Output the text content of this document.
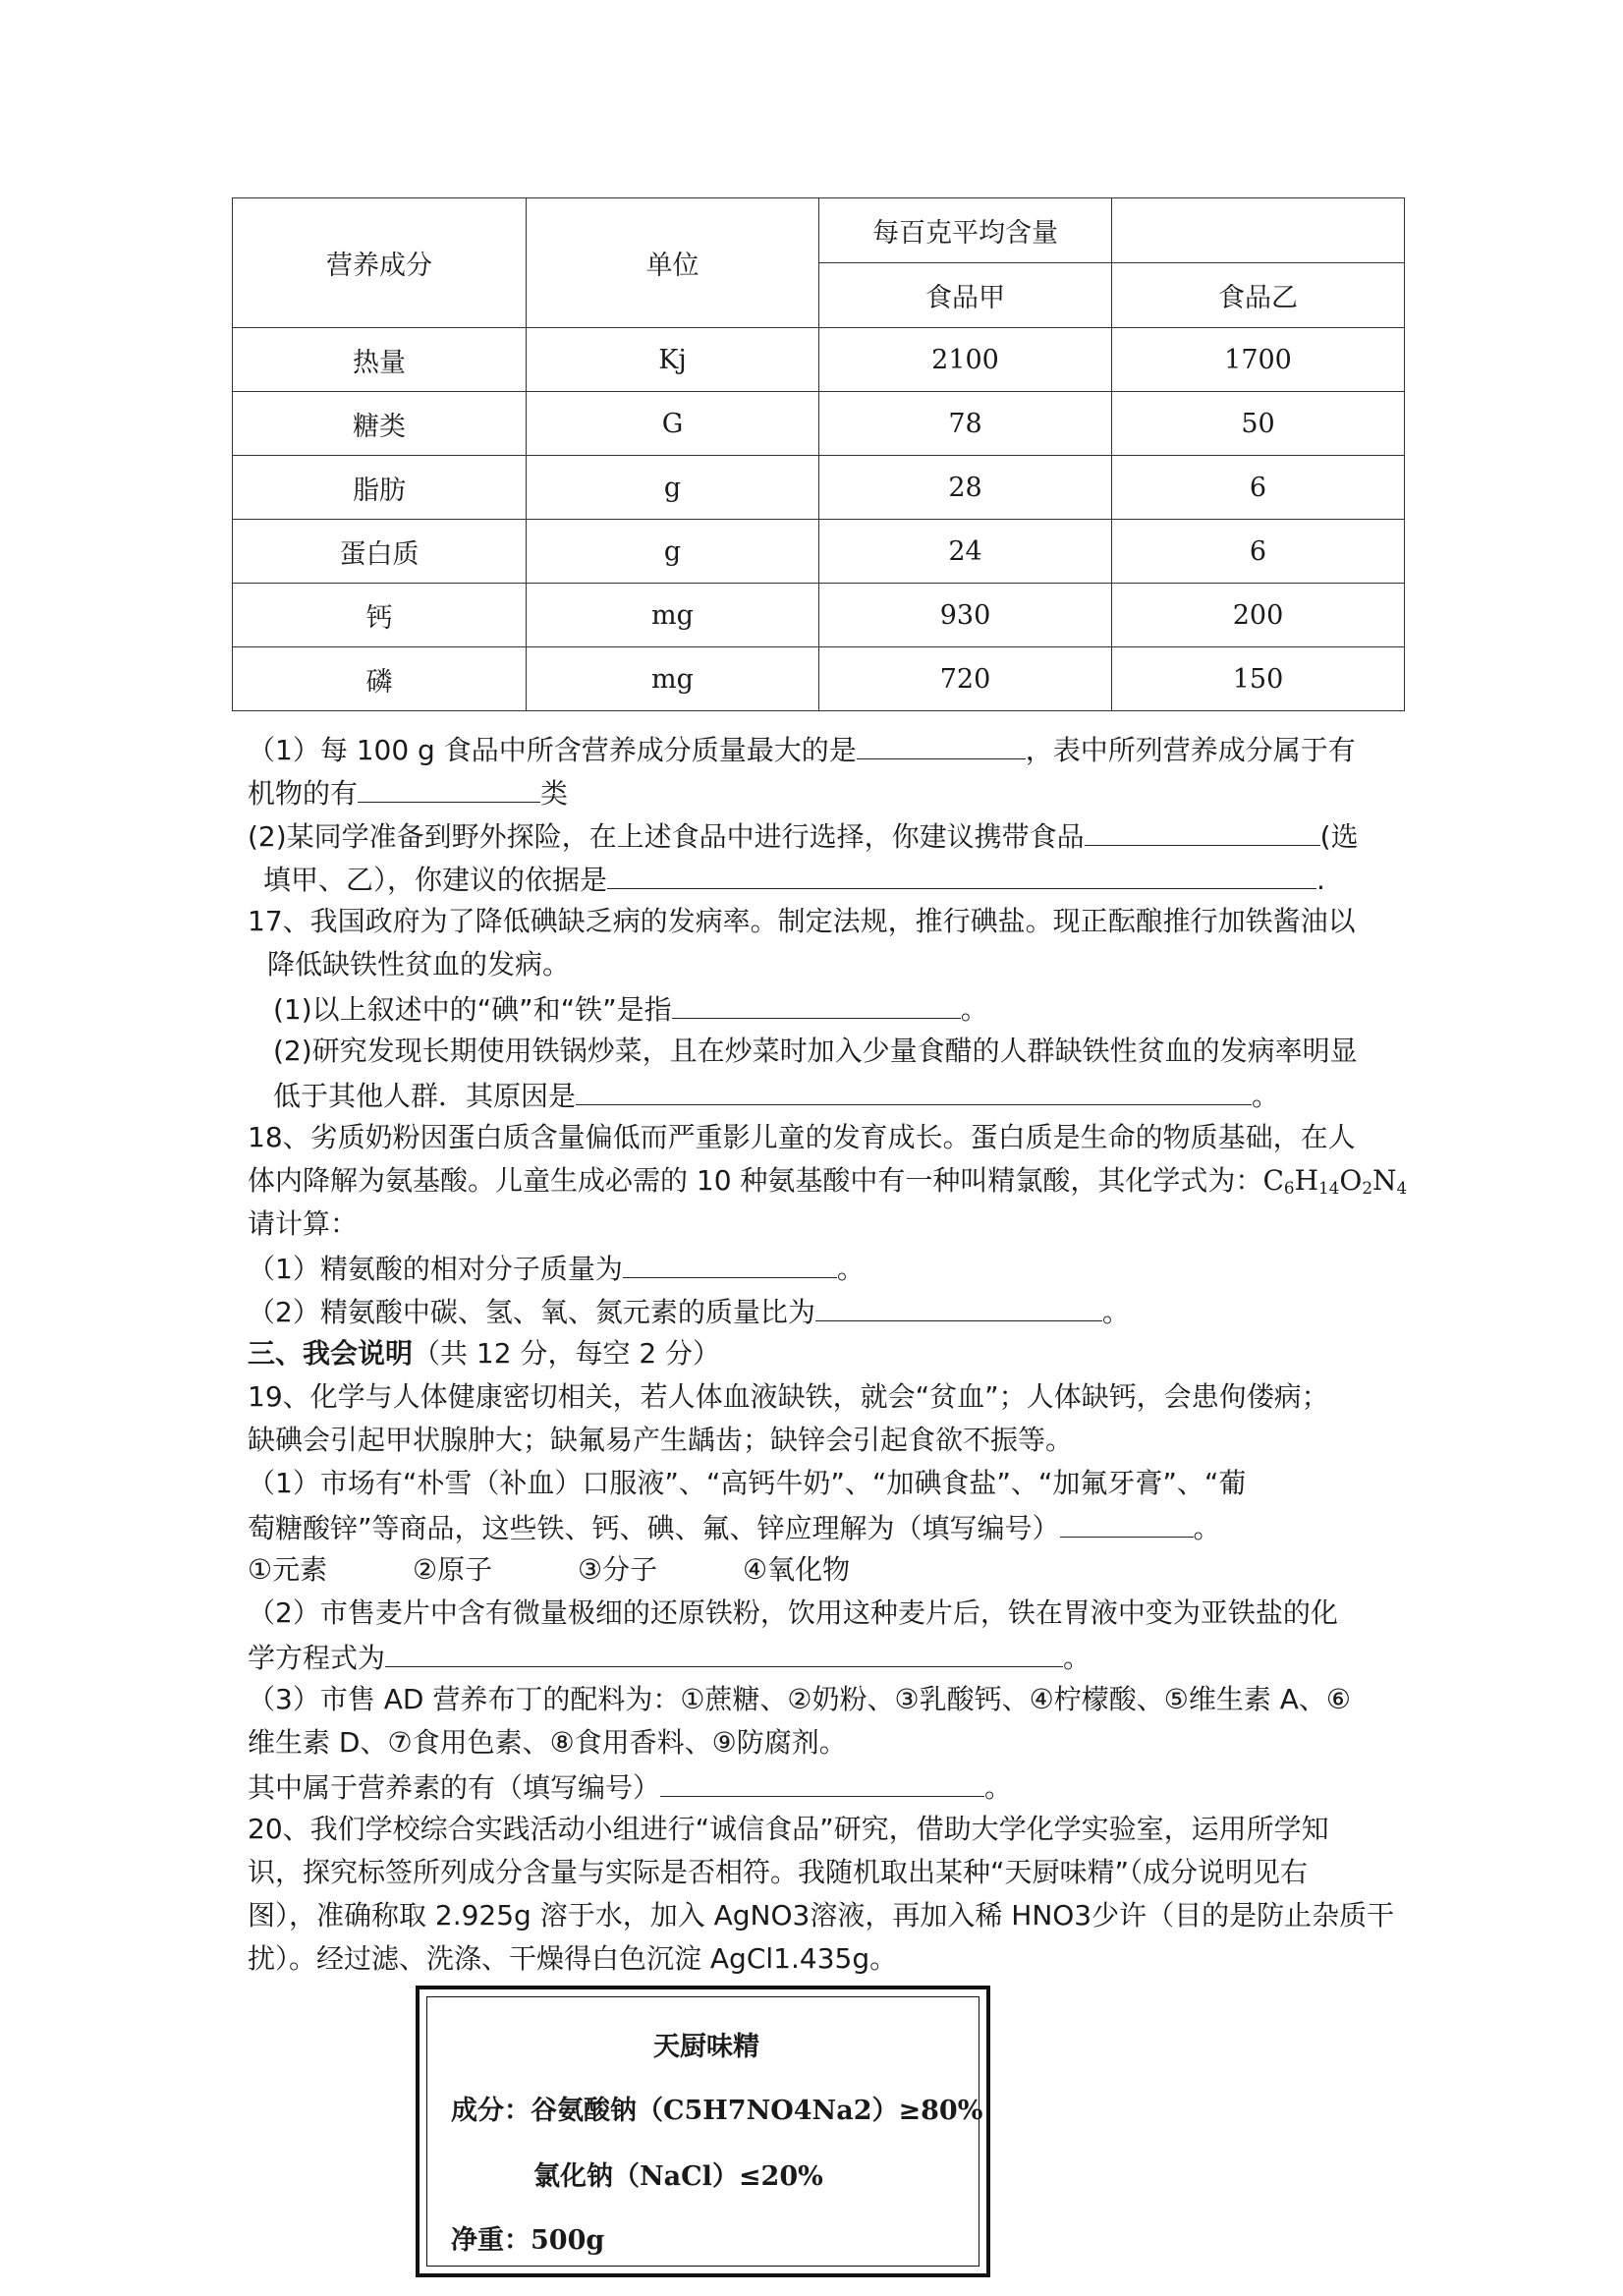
营养成分	单位	每百克平均含量	
		食品甲	食品乙
热量	Kj	2100	1700
糖类	G	78	50
脂肪	g	28	6
蛋白质	g	24	6
钙	mg	930	200
磷	mg	720	150
（1）每 100 g 食品中所含营养成分质量最大的是	，表中所列营养成分属于有
机物的有	类
(2)某同学准备到野外探险，在上述食品中进行选择，你建议携带食品	(选
填甲、乙），你建议的依据是	.
17、我国政府为了降低碘缺乏病的发病率。制定法规，推行碘盐。现正酝酿推行加铁酱油以
降低缺铁性贫血的发病。
(1)以上叙述中的“碘”和“铁”是指	。
(2)研究发现长期使用铁锅炒菜，且在炒菜时加入少量食醋的人群缺铁性贫血的发病率明显
低于其他人群．其原因是	。
18、劣质奶粉因蛋白质含量偏低而严重影儿童的发育成长。蛋白质是生命的物质基础，在人
体内降解为氨基酸。儿童生成必需的 10 种氨基酸中有一种叫精氯酸，其化学式为：$C_6H_{14}O_2N_4$
请计算：
（1）精氨酸的相对分子质量为	。
（2）精氨酸中碳、氢、氧、氮元素的质量比为	。
三、我会说明（共 12 分，每空 2 分）
19、化学与人体健康密切相关，若人体血液缺铁，就会“贫血”；人体缺钙，会患佝偻病；
缺碘会引起甲状腺肿大；缺氟易产生龋齿；缺锌会引起食欲不振等。
（1）市场有“朴雪（补血）口服液”、“高钙牛奶”、“加碘食盐”、“加氟牙膏”、“葡
萄糖酸锌”等商品，这些铁、钙、碘、氟、锌应理解为（填写编号）	。
①元素	②原子	③分子	④氧化物
（2）市售麦片中含有微量极细的还原铁粉，饮用这种麦片后，铁在胃液中变为亚铁盐的化
学方程式为	。
（3）市售 AD 营养布丁的配料为：①蔗糖、②奶粉、③乳酸钙、④柠檬酸、⑤维生素 A、⑥
维生素 D、⑦食用色素、⑧食用香料、⑨防腐剂。
其中属于营养素的有（填写编号）	。
20、我们学校综合实践活动小组进行“诚信食品”研究，借助大学化学实验室，运用所学知
识，探究标签所列成分含量与实际是否相符。我随机取出某种“天厨味精”（成分说明见右
图），准确称取 2.925g 溶于水，加入 AgNO3溶液，再加入稀 HNO3少许（目的是防止杂质干
扰）。经过滤、洗涤、干燥得白色沉淀 AgCl1.435g。
天厨味精
成分：谷氨酸钠（C5H7NO4Na2）≥80%
氯化钠（NaCl）≤20%
净重：500g
